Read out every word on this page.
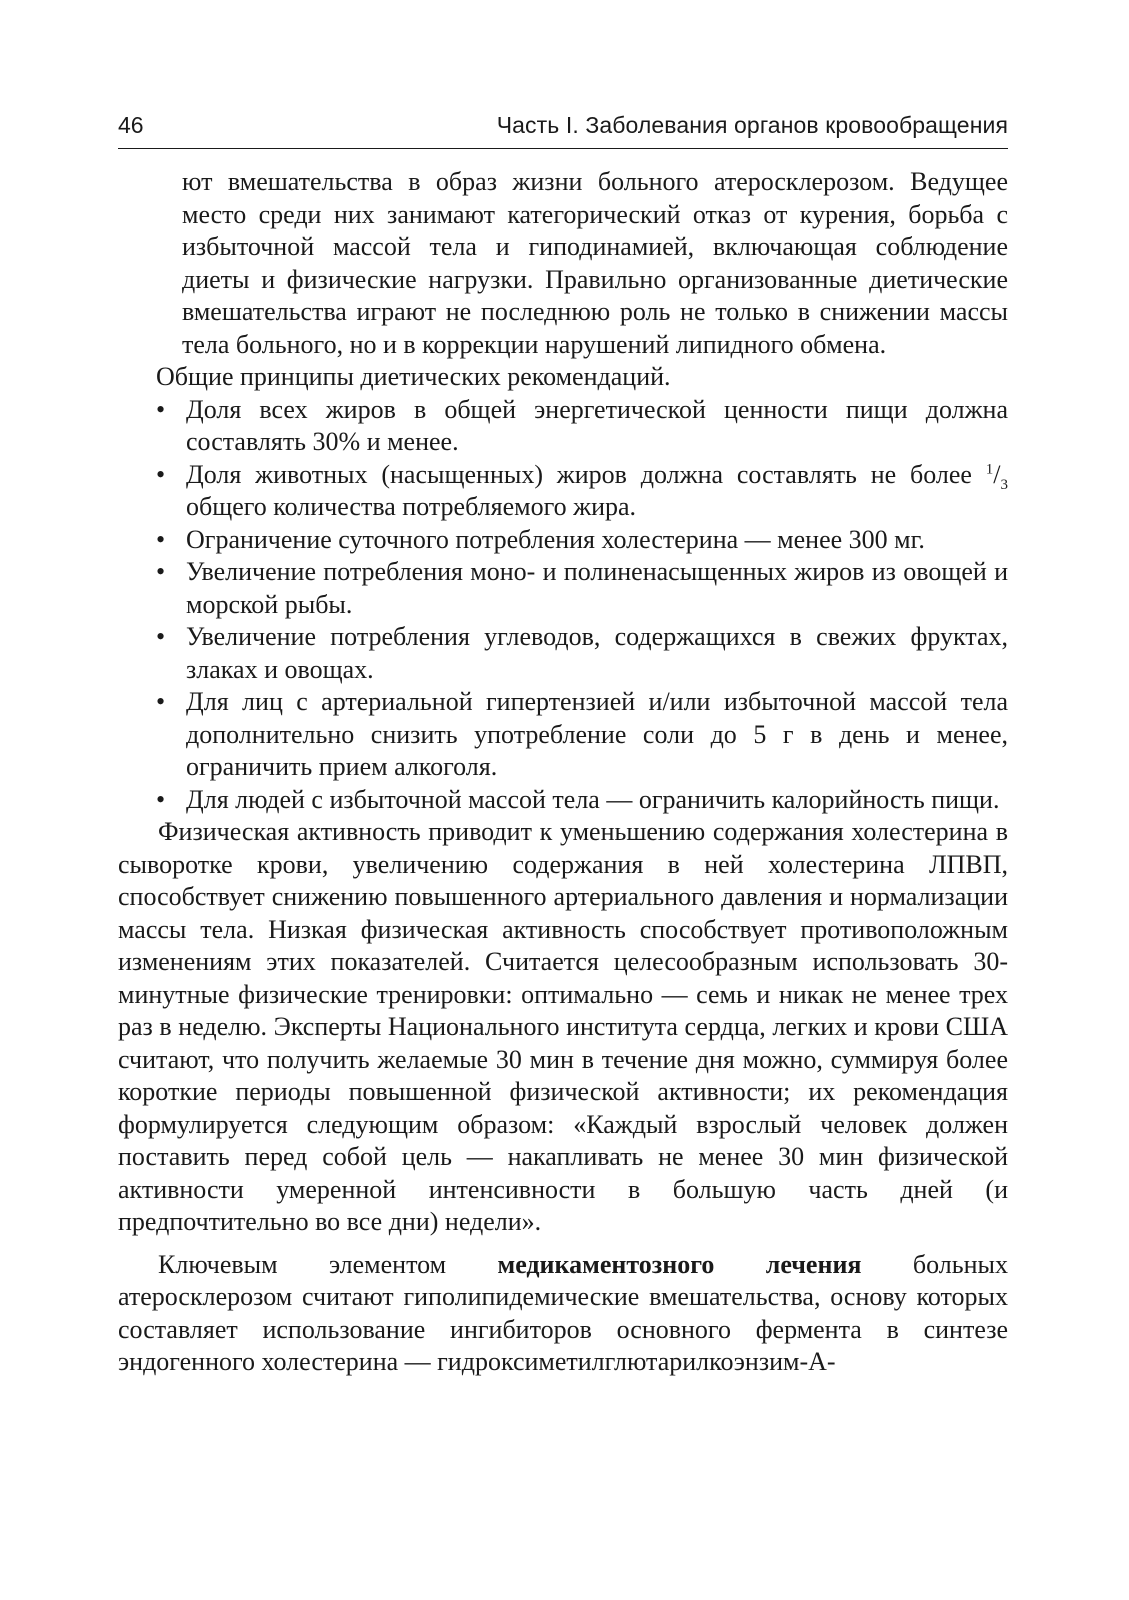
46	Часть I. Заболевания органов кровообращения

ют вмешательства в образ жизни больного атеросклерозом. Ведущее место среди них занимают категорический отказ от курения, борьба с избыточной массой тела и гиподинамией, включающая соблюдение диеты и физические нагрузки. Правильно организованные диетические вмешательства играют не последнюю роль не только в снижении массы тела больного, но и в коррекции нарушений липидного обмена.

Общие принципы диетических рекомендаций.

• Доля всех жиров в общей энергетической ценности пищи должна составлять 30% и менее.
• Доля животных (насыщенных) жиров должна составлять не более $^1/_3$ общего количества потребляемого жира.
• Ограничение суточного потребления холестерина — менее 300 мг.
• Увеличение потребления моно- и полиненасыщенных жиров из овощей и морской рыбы.
• Увеличение потребления углеводов, содержащихся в свежих фруктах, злаках и овощах.
• Для лиц с артериальной гипертензией и/или избыточной массой тела дополнительно снизить употребление соли до 5 г в день и менее, ограничить прием алкоголя.
• Для людей с избыточной массой тела — ограничить калорийность пищи.

Физическая активность приводит к уменьшению содержания холестерина в сыворотке крови, увеличению содержания в ней холестерина ЛПВП, способствует снижению повышенного артериального давления и нормализации массы тела. Низкая физическая активность способствует противоположным изменениям этих показателей. Считается целесообразным использовать 30-минутные физические тренировки: оптимально — семь и никак не менее трех раз в неделю. Эксперты Национального института сердца, легких и крови США считают, что получить желаемые 30 мин в течение дня можно, суммируя более короткие периоды повышенной физической активности; их рекомендация формулируется следующим образом: «Каждый взрослый человек должен поставить перед собой цель — накапливать не менее 30 мин физической активности умеренной интенсивности в большую часть дней (и предпочтительно во все дни) недели».

Ключевым элементом медикаментозного лечения больных атеросклерозом считают гиполипидемические вмешательства, основу которых составляет использование ингибиторов основного фермента в синтезе эндогенного холестерина — гидроксиметилглютарилкоэнзим-А-
